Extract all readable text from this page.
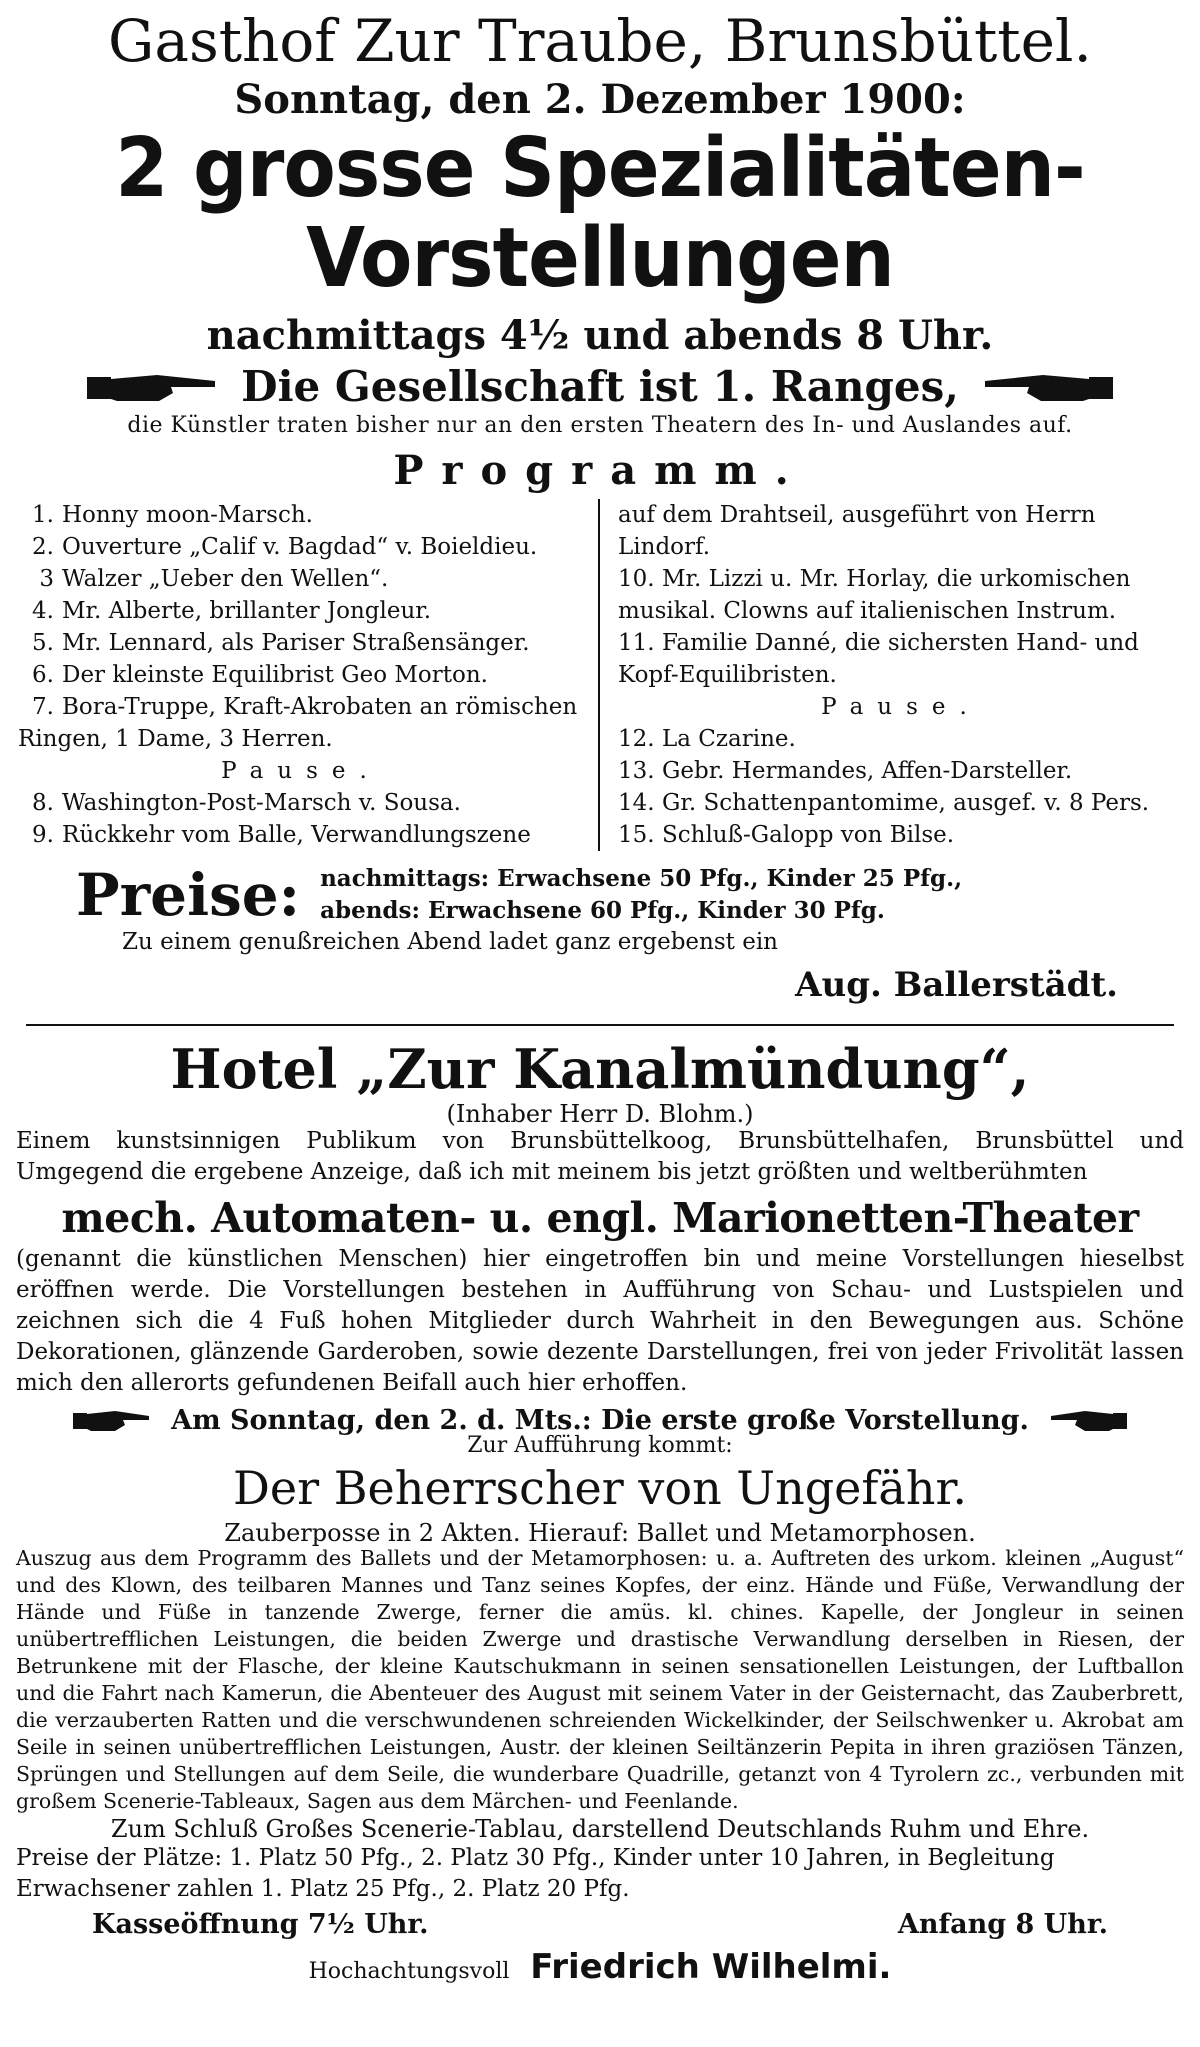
Gasthof Zur Traube, Brunsbüttel.
Sonntag, den 2. Dezember 1900:
2 grosse Spezialitäten-
Vorstellungen
nachmittags 4½ und abends 8 Uhr.
Die Gesellschaft ist 1. Ranges,
die Künstler traten bisher nur an den ersten Theatern des In- und Auslandes auf.
Programm.
1. Honny moon-Marsch.
2. Ouverture „Calif v. Bagdad“ v. Boieldieu.
3 Walzer „Ueber den Wellen“.
4. Mr. Alberte, brillanter Jongleur.
5. Mr. Lennard, als Pariser Straßensänger.
6. Der kleinste Equilibrist Geo Morton.
7. Bora-Truppe, Kraft-Akrobaten an römischen
Ringen, 1 Dame, 3 Herren.
Pause.
8. Washington-Post-Marsch v. Sousa.
9. Rückkehr vom Balle, Verwandlungszene
auf dem Drahtseil, ausgeführt von Herrn
Lindorf.
10. Mr. Lizzi u. Mr. Horlay, die urkomischen
musikal. Clowns auf italienischen Instrum.
11. Familie Danné, die sichersten Hand- und
Kopf-Equilibristen.
Pause.
12. La Czarine.
13. Gebr. Hermandes, Affen-Darsteller.
14. Gr. Schattenpantomime, ausgef. v. 8 Pers.
15. Schluß-Galopp von Bilse.
Preise: nachmittags: Erwachsene 50 Pfg., Kinder 25 Pfg.,
abends: Erwachsene 60 Pfg., Kinder 30 Pfg.
Zu einem genußreichen Abend ladet ganz ergebenst ein
Aug. Ballerstädt.
Hotel „Zur Kanalmündung“,
(Inhaber Herr D. Blohm.)
Einem kunstsinnigen Publikum von Brunsbüttelkoog, Brunsbüttelhafen, Brunsbüttel und Umgegend die ergebene Anzeige, daß ich mit meinem bis jetzt größten und weltberühmten
mech. Automaten- u. engl. Marionetten-Theater
(genannt die künstlichen Menschen) hier eingetroffen bin und meine Vorstellungen hieselbst eröffnen werde. Die Vorstellungen bestehen in Aufführung von Schau- und Lustspielen und zeichnen sich die 4 Fuß hohen Mitglieder durch Wahrheit in den Bewegungen aus. Schöne Dekorationen, glänzende Garderoben, sowie dezente Darstellungen, frei von jeder Frivolität lassen mich den allerorts gefundenen Beifall auch hier erhoffen.
Am Sonntag, den 2. d. Mts.: Die erste große Vorstellung.
Zur Aufführung kommt:
Der Beherrscher von Ungefähr.
Zauberposse in 2 Akten. Hierauf: Ballet und Metamorphosen.
Auszug aus dem Programm des Ballets und der Metamorphosen: u. a. Auftreten des urkom. kleinen „August“ und des Klown, des teilbaren Mannes und Tanz seines Kopfes, der einz. Hände und Füße, Verwandlung der Hände und Füße in tanzende Zwerge, ferner die amüs. kl. chines. Kapelle, der Jongleur in seinen unübertrefflichen Leistungen, die beiden Zwerge und drastische Verwandlung derselben in Riesen, der Betrunkene mit der Flasche, der kleine Kautschukmann in seinen sensationellen Leistungen, der Luftballon und die Fahrt nach Kamerun, die Abenteuer des August mit seinem Vater in der Geisternacht, das Zauberbrett, die verzauberten Ratten und die verschwundenen schreienden Wickelkinder, der Seilschwenker u. Akrobat am Seile in seinen unübertrefflichen Leistungen, Austr. der kleinen Seiltänzerin Pepita in ihren graziösen Tänzen, Sprüngen und Stellungen auf dem Seile, die wunderbare Quadrille, getanzt von 4 Tyrolern zc., verbunden mit großem Scenerie-Tableaux, Sagen aus dem Märchen- und Feenlande.
Zum Schluß Großes Scenerie-Tablau, darstellend Deutschlands Ruhm und Ehre.
Preise der Plätze: 1. Platz 50 Pfg., 2. Platz 30 Pfg., Kinder unter 10 Jahren, in Begleitung Erwachsener zahlen 1. Platz 25 Pfg., 2. Platz 20 Pfg.
Kasseöffnung 7½ Uhr.	Anfang 8 Uhr.
Hochachtungsvoll Friedrich Wilhelmi.
